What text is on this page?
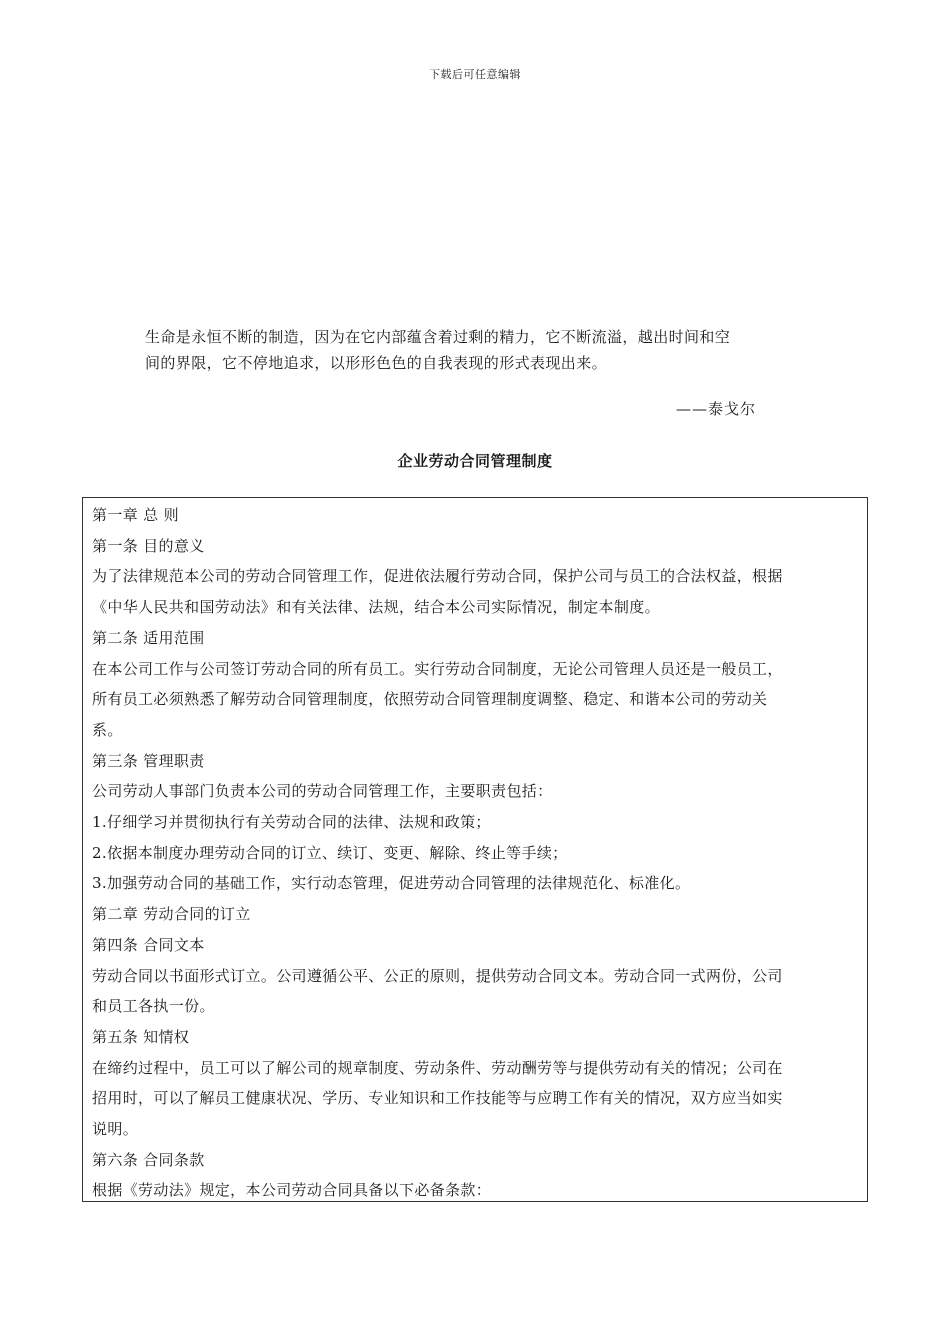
下载后可任意编辑

生命是永恒不断的制造，因为在它内部蕴含着过剩的精力，它不断流溢，越出时间和空

间的界限，它不停地追求，以形形色色的自我表现的形式表现出来。

——泰戈尔
企业劳动合同管理制度

第一章 总 则

第一条 目的意义

为了法律规范本公司的劳动合同管理工作，促进依法履行劳动合同，保护公司与员工的合法权益，根据

《中华人民共和国劳动法》和有关法律、法规，结合本公司实际情况，制定本制度。

第二条 适用范围

在本公司工作与公司签订劳动合同的所有员工。实行劳动合同制度，无论公司管理人员还是一般员工，

所有员工必须熟悉了解劳动合同管理制度，依照劳动合同管理制度调整、稳定、和谐本公司的劳动关

系。

第三条 管理职责

公司劳动人事部门负责本公司的劳动合同管理工作，主要职责包括：

1.仔细学习并贯彻执行有关劳动合同的法律、法规和政策；

2.依据本制度办理劳动合同的订立、续订、变更、解除、终止等手续；

3.加强劳动合同的基础工作，实行动态管理，促进劳动合同管理的法律规范化、标准化。

第二章 劳动合同的订立

第四条 合同文本

劳动合同以书面形式订立。公司遵循公平、公正的原则，提供劳动合同文本。劳动合同一式两份，公司

和员工各执一份。

第五条 知情权

在缔约过程中，员工可以了解公司的规章制度、劳动条件、劳动酬劳等与提供劳动有关的情况；公司在

招用时，可以了解员工健康状况、学历、专业知识和工作技能等与应聘工作有关的情况，双方应当如实

说明。

第六条 合同条款

根据《劳动法》规定，本公司劳动合同具备以下必备条款：
